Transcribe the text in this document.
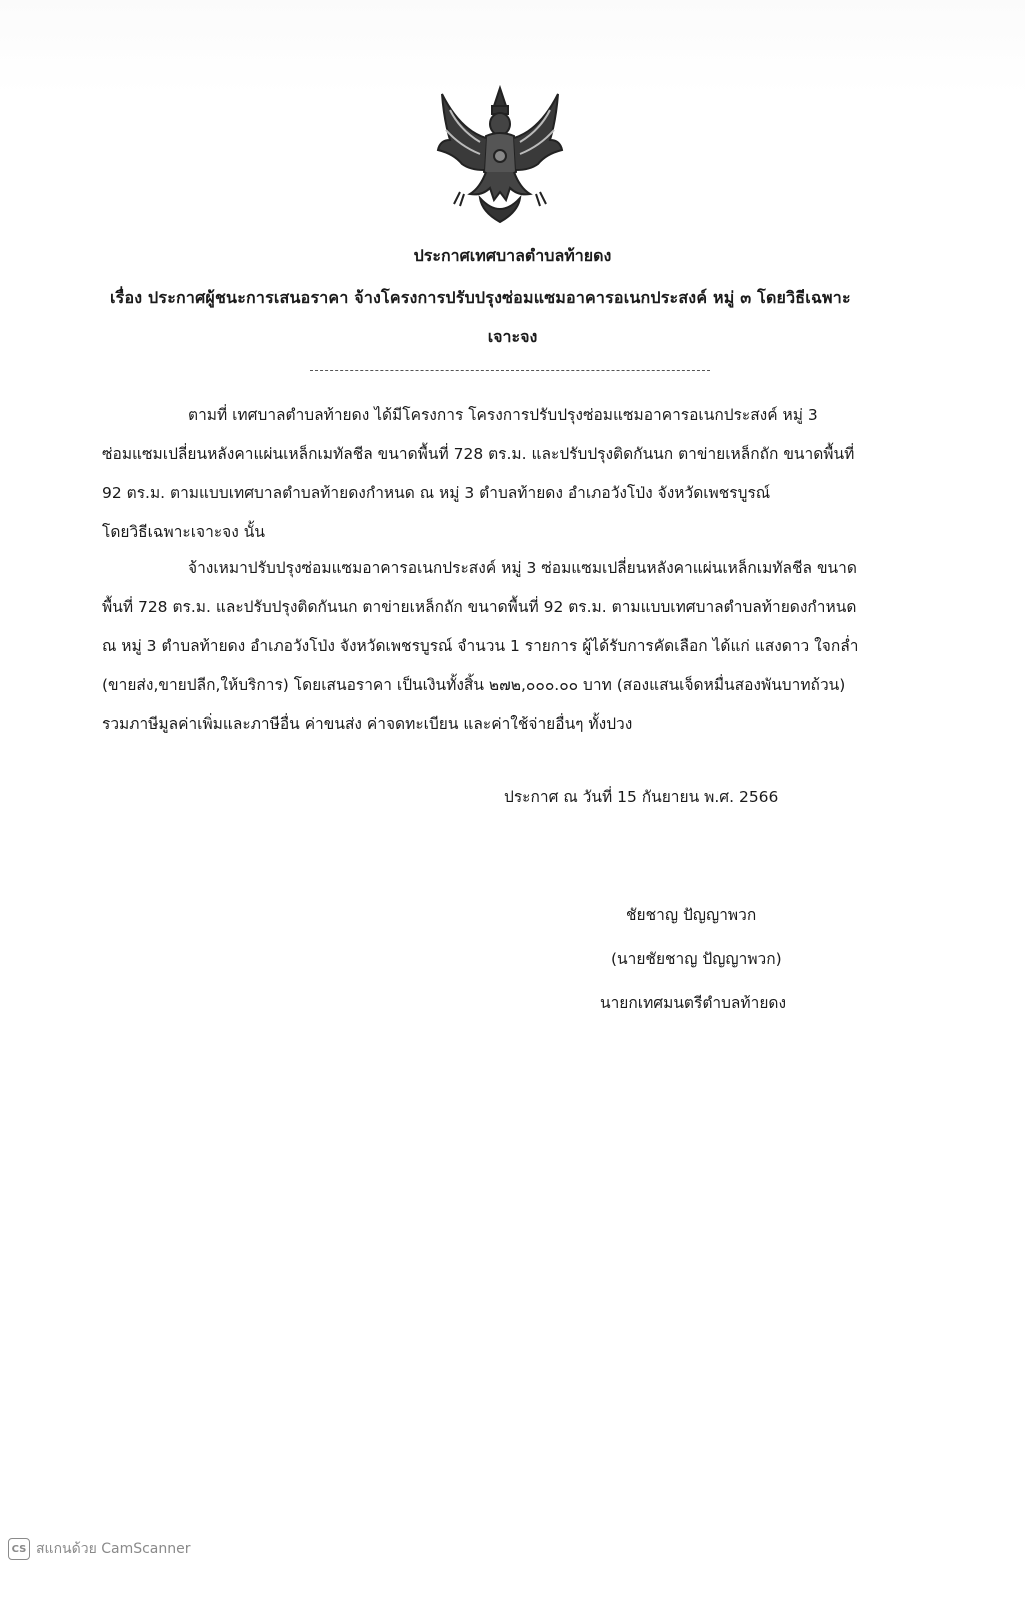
ประกาศเทศบาลตำบลท้ายดง
เรื่อง ประกาศผู้ชนะการเสนอราคา จ้างโครงการปรับปรุงซ่อมแซมอาคารอเนกประสงค์ หมู่ ๓ โดยวิธีเฉพาะ
เจาะจง
ตามที่ เทศบาลตำบลท้ายดง ได้มีโครงการ โครงการปรับปรุงซ่อมแซมอาคารอเนกประสงค์ หมู่ 3
ซ่อมแซมเปลี่ยนหลังคาแผ่นเหล็กเมทัลชีล ขนาดพื้นที่ 728 ตร.ม. และปรับปรุงติดกันนก ตาข่ายเหล็กถัก ขนาดพื้นที่
92 ตร.ม. ตามแบบเทศบาลตำบลท้ายดงกำหนด ณ หมู่ 3 ตำบลท้ายดง อำเภอวังโป่ง จังหวัดเพชรบูรณ์
โดยวิธีเฉพาะเจาะจง นั้น
จ้างเหมาปรับปรุงซ่อมแซมอาคารอเนกประสงค์ หมู่ 3 ซ่อมแซมเปลี่ยนหลังคาแผ่นเหล็กเมทัลชีล ขนาด
พื้นที่ 728 ตร.ม. และปรับปรุงติดกันนก ตาข่ายเหล็กถัก ขนาดพื้นที่ 92 ตร.ม. ตามแบบเทศบาลตำบลท้ายดงกำหนด
ณ หมู่ 3 ตำบลท้ายดง อำเภอวังโป่ง จังหวัดเพชรบูรณ์ จำนวน 1 รายการ ผู้ได้รับการคัดเลือก ได้แก่ แสงดาว ใจกล่ำ
(ขายส่ง,ขายปลีก,ให้บริการ) โดยเสนอราคา เป็นเงินทั้งสิ้น ๒๗๒,๐๐๐.๐๐ บาท (สองแสนเจ็ดหมื่นสองพันบาทถ้วน)
รวมภาษีมูลค่าเพิ่มและภาษีอื่น ค่าขนส่ง ค่าจดทะเบียน และค่าใช้จ่ายอื่นๆ ทั้งปวง
ประกาศ ณ วันที่ 15 กันยายน พ.ศ. 2566
ชัยชาญ ปัญญาพวก
(นายชัยชาญ ปัญญาพวก)
นายกเทศมนตรีตำบลท้ายดง
CS สแกนด้วย CamScanner
